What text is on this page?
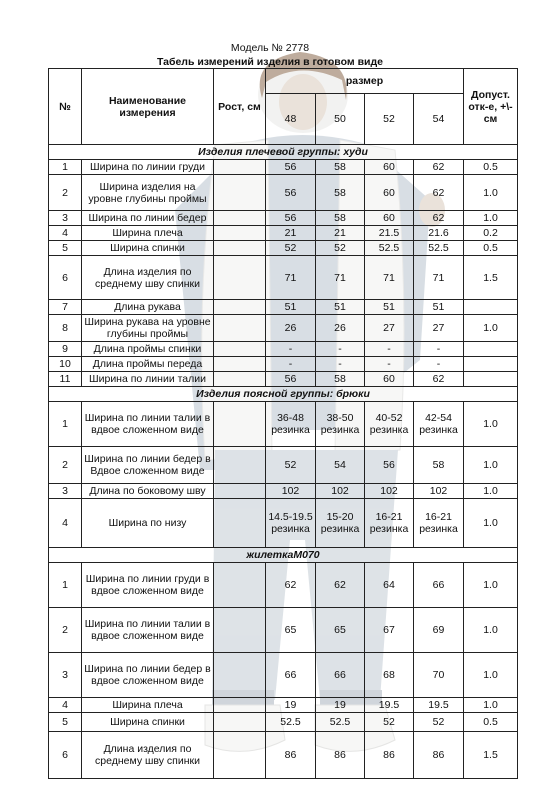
Модель № 2778
Табель измерений изделия в готовом виде
№	Наименование измерения	Рост, см	размер				Допуст. отк-е, +\-см
			48	50	52	54	
Изделия плечевой группы: худи							
1	Ширина по линии груди		56	58	60	62	0.5
2	Ширина изделия на уровне глубины проймы		56	58	60	62	1.0
3	Ширина по линии бедер		56	58	60	62	1.0
4	Ширина плеча		21	21	21.5	21.6	0.2
5	Ширина спинки		52	52	52.5	52.5	0.5
6	Длина изделия по среднему шву спинки		71	71	71	71	1.5
7	Длина рукава		51	51	51	51	
8	Ширина рукава на уровне глубины проймы		26	26	27	27	1.0
9	Длина проймы спинки		-	-	-	-	
10	Длина проймы переда		-	-	-	-	
11	Ширина по линии талии		56	58	60	62	
Изделия поясной группы: брюки							
1	Ширина по линии талии в вдвое сложенном виде		36-48 резинка	38-50 резинка	40-52 резинка	42-54 резинка	1.0
2	Ширина по линии бедер в Вдвое сложенном виде		52	54	56	58	1.0
3	Длина по боковому шву		102	102	102	102	1.0
4	Ширина по низу		14.5-19.5 резинка	15-20 резинка	16-21 резинка	16-21 резинка	1.0
жилеткаМ070							
1	Ширина по линии груди в вдвое сложенном виде		62	62	64	66	1.0
2	Ширина по линии талии в вдвое сложенном виде		65	65	67	69	1.0
3	Ширина по линии бедер в вдвое сложенном виде		66	66	68	70	1.0
4	Ширина плеча		19	19	19.5	19.5	1.0
5	Ширина спинки		52.5	52.5	52	52	0.5
6	Длина изделия по среднему шву спинки		86	86	86	86	1.5
